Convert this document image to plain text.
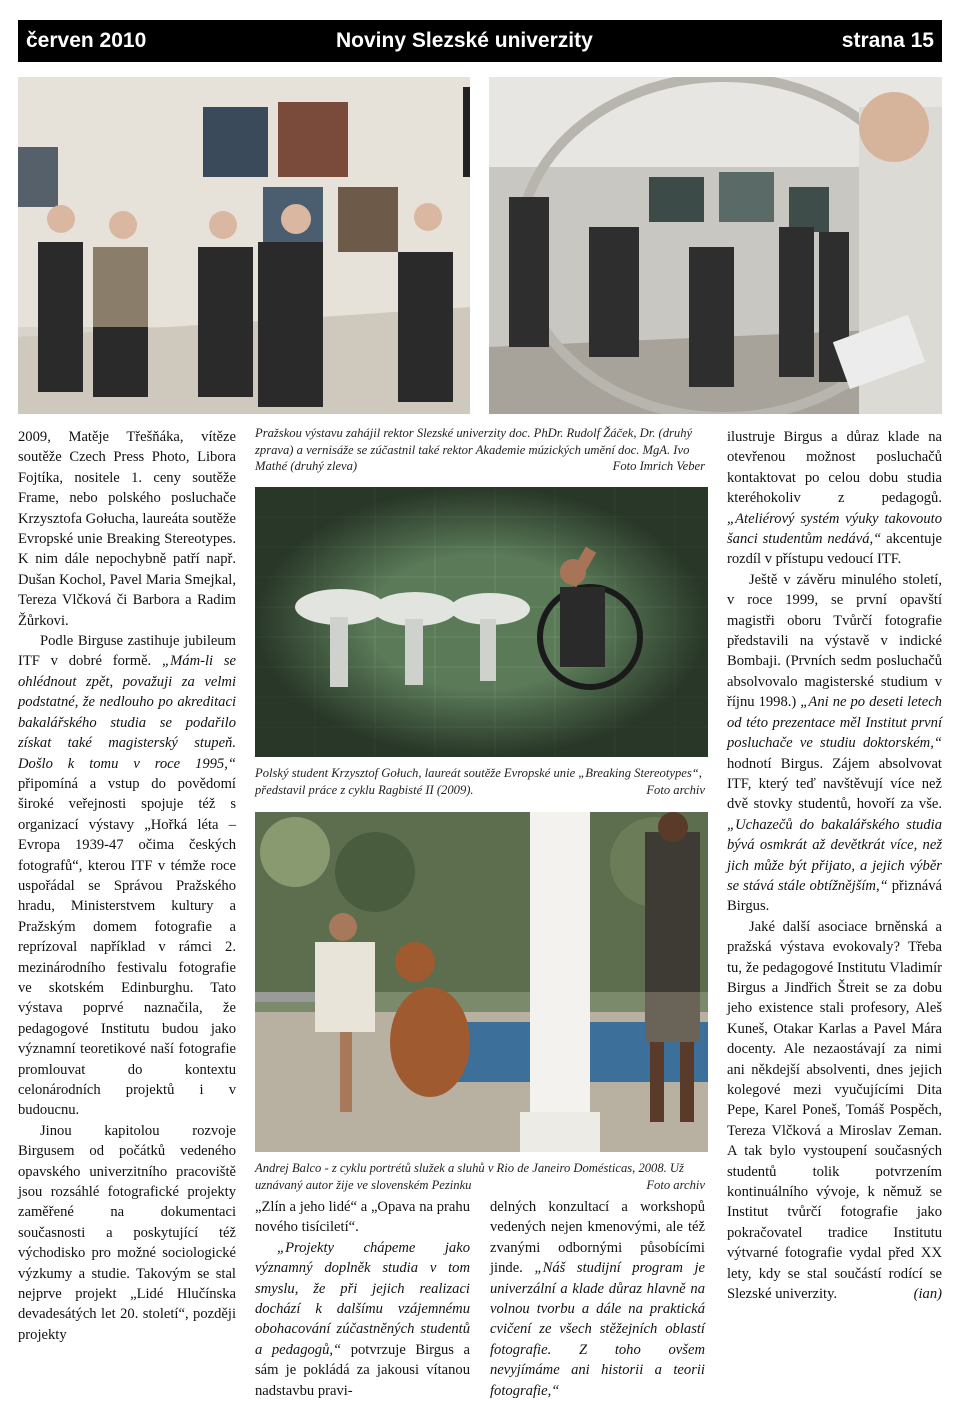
červen 2010	Noviny Slezské univerzity	strana 15
Pražskou výstavu zahájil rektor Slezské univerzity doc. PhDr. Rudolf Žáček, Dr. (druhý zprava) a vernisáže se zúčastnil také rektor Akademie múzických umění doc. MgA. Ivo Mathé (druhý zleva)	Foto Imrich Veber
Polský student Krzysztof Gołuch, laureát soutěže Evropské unie „Breaking Stereotypes“, představil práce z cyklu Ragbisté II (2009).	Foto archiv
Andrej Balco - z cyklu portrétů služek a sluhů v Rio de Janeiro Domésticas, 2008. Už uznávaný autor žije ve slovenském Pezinku	Foto archiv

2009, Matěje Třešňáka, vítěze soutěže Czech Press Photo, Libora Fojtíka, nositele 1. ceny soutěže Frame, nebo polského posluchače Krzysztofa Gołucha, laureáta soutěže Evropské unie Breaking Stereotypes. K nim dále nepochybně patří např. Dušan Kochol, Pavel Maria Smejkal, Tereza Vlčková či Barbora a Radim Žůrkovi.

Podle Birguse zastihuje jubileum ITF v dobré formě. „Mám-li se ohlédnout zpět, považuji za velmi podstatné, že nedlouho po akreditaci bakalářského studia se podařilo získat také magisterský stupeň. Došlo k tomu v roce 1995,“ připomíná a vstup do povědomí široké veřejnosti spojuje též s organizací výstavy „Hořká léta – Evropa 1939-47 očima českých fotografů“, kterou ITF v témže roce uspořádal se Správou Pražského hradu, Ministerstvem kultury a Pražským domem fotografie a reprízoval například v rámci 2. mezinárodního festivalu fotografie ve skotském Edinburghu. Tato výstava poprvé naznačila, že pedagogové Institutu budou jako významní teoretikové naší fotografie promlouvat do kontextu celonárodních projektů i v budoucnu.

Jinou kapitolou rozvoje Birgusem od počátků vedeného opavského univerzitního pracoviště jsou rozsáhlé fotografické projekty zaměřené na dokumentaci současnosti a poskytující též východisko pro možné sociologické výzkumy a studie. Takovým se stal nejprve projekt „Lidé Hlučínska devadesátých let 20. století“, později projekty

„Zlín a jeho lidé“ a „Opava na prahu nového tisíciletí“.

„Projekty chápeme jako významný doplněk studia v tom smyslu, že při jejich realizaci dochází k dalšímu vzájemnému obohacování zúčastněných studentů a pedagogů,“ potvrzuje Birgus a sám je pokládá za jakousi vítanou nadstavbu pravi-

delných konzultací a workshopů vedených nejen kmenovými, ale též zvanými odbornými působícími jinde. „Náš studijní program je univerzální a klade důraz hlavně na volnou tvorbu a dále na praktická cvičení ze všech stěžejních oblastí fotografie. Z toho ovšem nevyjímáme ani historii a teorii fotografie,“

ilustruje Birgus a důraz klade na otevřenou možnost posluchačů kontaktovat po celou dobu studia kteréhokoliv z pedagogů. „Ateliérový systém výuky takovouto šanci studentům nedává,“ akcentuje rozdíl v přístupu vedoucí ITF.

Ještě v závěru minulého století, v roce 1999, se první opavští magistři oboru Tvůrčí fotografie představili na výstavě v indické Bombaji. (Prvních sedm posluchačů absolvovalo magisterské studium v říjnu 1998.) „Ani ne po deseti letech od této prezentace měl Institut první posluchače ve studiu doktorském,“ hodnotí Birgus. Zájem absolvovat ITF, který teď navštěvují více než dvě stovky studentů, hovoří za vše. „Uchazečů do bakalářského studia bývá osmkrát až devětkrát více, než jich může být přijato, a jejich výběr se stává stále obtížnějším,“ přiznává Birgus.

Jaké další asociace brněnská a pražská výstava evokovaly? Třeba tu, že pedagogové Institutu Vladimír Birgus a Jindřich Štreit se za dobu jeho existence stali profesory, Aleš Kuneš, Otakar Karlas a Pavel Mára docenty. Ale nezaostávají za nimi ani někdejší absolventi, dnes jejich kolegové mezi vyučujícími Dita Pepe, Karel Poneš, Tomáš Pospěch, Tereza Vlčková a Miroslav Zeman. A tak bylo vystoupení současných studentů tolik potvrzením kontinuálního vývoje, k němuž se Institut tvůrčí fotografie jako pokračovatel tradice Institutu výtvarné fotografie vydal před XX lety, kdy se stal součástí rodící se Slezské univerzity.	(ian)
